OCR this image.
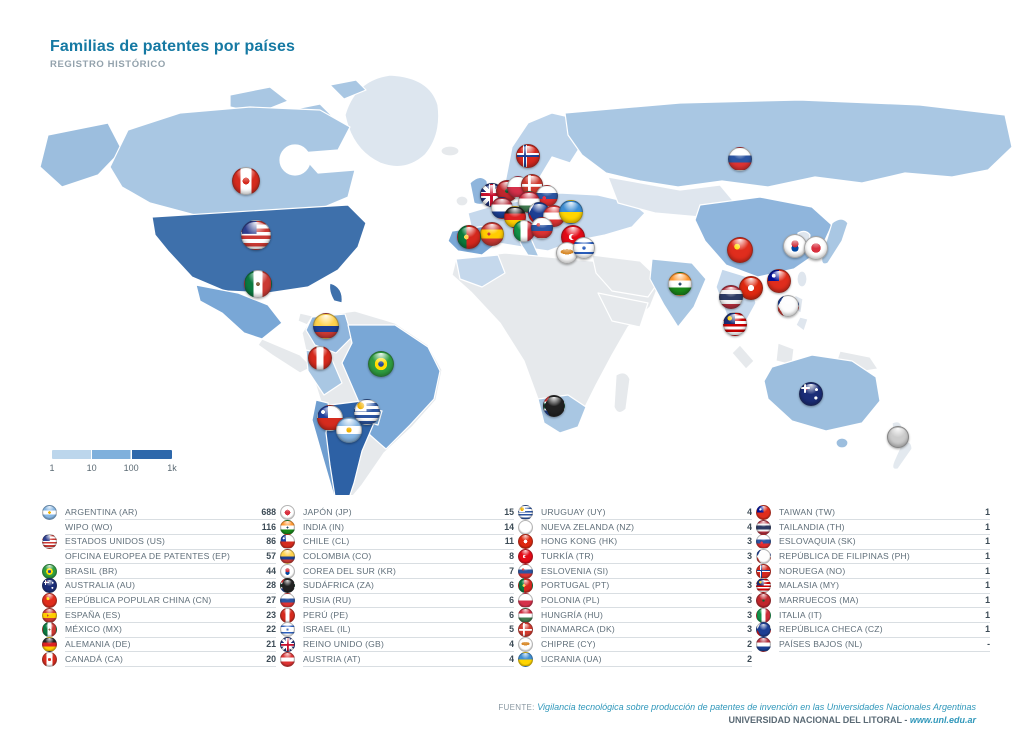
Familias de patentes por países
REGISTRO HISTÓRICO
1	10	100	1k
ARGENTINA (AR)	688
WIPO (WO)	116
ESTADOS UNIDOS (US)	86
OFICINA EUROPEA DE PATENTES (EP)	57
BRASIL (BR)	44
AUSTRALIA (AU)	28
REPÚBLICA POPULAR CHINA (CN)	27
ESPAÑA (ES)	23
MÉXICO (MX)	22
ALEMANIA (DE)	21
CANADÁ (CA)	20
JAPÓN (JP)	15
INDIA (IN)	14
CHILE (CL)	11
COLOMBIA (CO)	8
COREA DEL SUR (KR)	7
SUDÁFRICA (ZA)	6
RUSIA (RU)	6
PERÚ (PE)	6
ISRAEL (IL)	5
REINO UNIDO (GB)	4
AUSTRIA (AT)	4
URUGUAY (UY)	4
NUEVA ZELANDA (NZ)	4
HONG KONG (HK)	3
TURKÍA (TR)	3
ESLOVENIA (SI)	3
PORTUGAL (PT)	3
POLONIA (PL)	3
HUNGRÍA (HU)	3
DINAMARCA (DK)	3
CHIPRE (CY)	2
UCRANIA (UA)	2
TAIWAN (TW)	1
TAILANDIA (TH)	1
ESLOVAQUIA (SK)	1
REPÚBLICA DE FILIPINAS (PH)	1
NORUEGA (NO)	1
MALASIA (MY)	1
MARRUECOS (MA)	1
ITALIA (IT)	1
REPÚBLICA CHECA (CZ)	1
PAÍSES BAJOS (NL)	-
FUENTE: Vigilancia tecnológica sobre producción de patentes de invención en las Universidades Nacionales Argentinas
UNIVERSIDAD NACIONAL DEL LITORAL - www.unl.edu.ar
